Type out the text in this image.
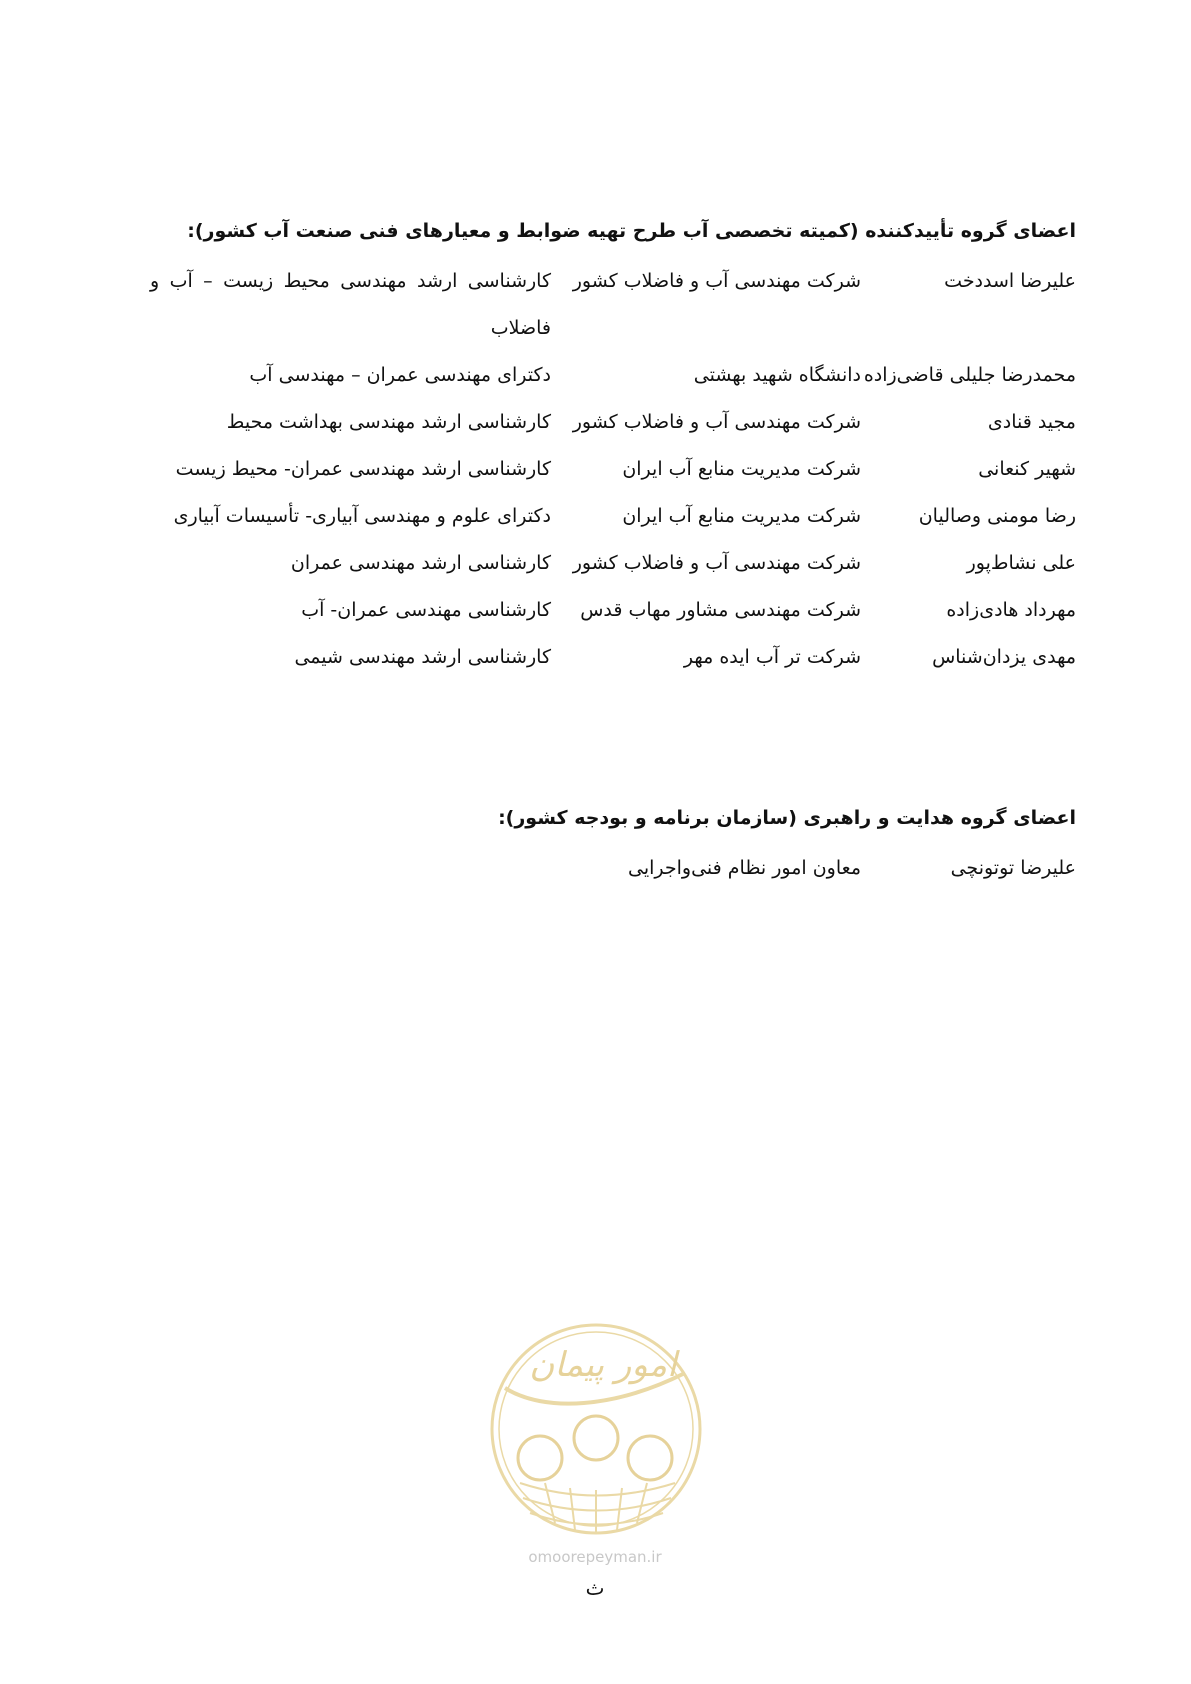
اعضای گروه تأییدکننده (کمیته تخصصی آب طرح تهیه ضوابط و معیارهای فنی صنعت آب کشور):
علیرضا اسددخت
شرکت مهندسی آب و فاضلاب کشور
کارشناسی ارشد مهندسی محیط زیست – آب و فاضلاب
محمدرضا جلیلی قاضی‌زاده
دانشگاه شهید بهشتی
دکترای مهندسی عمران – مهندسی آب
مجید قنادی
شرکت مهندسی آب و فاضلاب کشور
کارشناسی ارشد مهندسی بهداشت محیط
شهیر کنعانی
شرکت مدیریت منابع آب ایران
کارشناسی ارشد مهندسی عمران- محیط زیست
رضا مومنی وصالیان
شرکت مدیریت منابع آب ایران
دکترای علوم و مهندسی آبیاری- تأسیسات آبیاری
علی نشاط‌پور
شرکت مهندسی آب و فاضلاب کشور
کارشناسی ارشد مهندسی عمران
مهرداد هادی‌زاده
شرکت مهندسی مشاور مهاب قدس
کارشناسی مهندسی عمران- آب
مهدی یزدان‌شناس
شرکت تر آب ایده مهر
کارشناسی ارشد مهندسی شیمی
اعضای گروه هدایت و راهبری (سازمان برنامه و بودجه کشور):
علیرضا توتونچی
معاون امور نظام فنی‌واجرایی
امور پیمان
omoorepeyman.ir
ث
